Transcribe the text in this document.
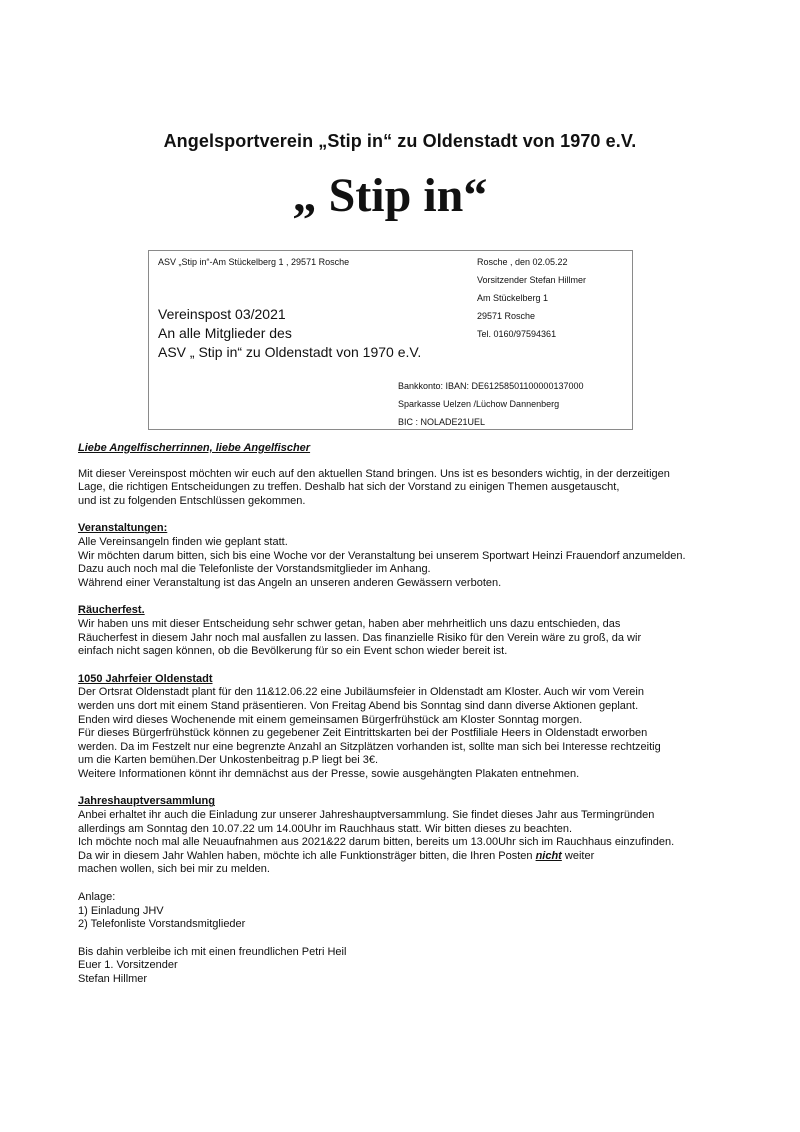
Angelsportverein „Stip in“ zu Oldenstadt von 1970 e.V.
„ Stip in“
ASV „Stip in“-Am Stückelberg 1 , 29571 Rosche
Vereinspost 03/2021
An alle Mitglieder des
ASV „ Stip in“ zu Oldenstadt von 1970 e.V.
Rosche , den 02.05.22
Vorsitzender Stefan Hillmer
Am Stückelberg 1
29571 Rosche
Tel. 0160/97594361
Bankkonto: IBAN: DE61258501100000137000
Sparkasse Uelzen /Lüchow Dannenberg
BIC : NOLADE21UEL

Liebe Angelfischerrinnen, liebe Angelfischer

Mit dieser Vereinspost möchten wir euch auf den aktuellen Stand bringen. Uns ist es besonders wichtig, in der derzeitigen
Lage, die richtigen Entscheidungen zu treffen. Deshalb hat sich der Vorstand zu einigen Themen ausgetauscht,
und ist zu folgenden Entschlüssen gekommen.

Veranstaltungen:

Alle Vereinsangeln finden wie geplant statt.
Wir möchten darum bitten, sich bis eine Woche vor der Veranstaltung bei unserem Sportwart Heinzi Frauendorf anzumelden.
Dazu auch noch mal die Telefonliste der Vorstandsmitglieder im Anhang.
Während einer Veranstaltung ist das Angeln an unseren anderen Gewässern verboten.

Räucherfest.

Wir haben uns mit dieser Entscheidung sehr schwer getan, haben aber mehrheitlich uns dazu entschieden, das
Räucherfest in diesem Jahr noch mal ausfallen zu lassen. Das finanzielle Risiko für den Verein wäre zu groß, da wir
einfach nicht sagen können, ob die Bevölkerung für so ein Event schon wieder bereit ist.

1050 Jahrfeier Oldenstadt

Der Ortsrat Oldenstadt plant für den 11&12.06.22 eine Jubiläumsfeier in Oldenstadt am Kloster. Auch wir vom Verein
werden uns dort mit einem Stand präsentieren. Von Freitag Abend bis Sonntag sind dann diverse Aktionen geplant.
Enden wird dieses Wochenende mit einem gemeinsamen Bürgerfrühstück am Kloster Sonntag morgen.
Für dieses Bürgerfrühstück können zu gegebener Zeit Eintrittskarten bei der Postfiliale Heers in Oldenstadt erworben
werden. Da im Festzelt nur eine begrenzte Anzahl an Sitzplätzen vorhanden ist, sollte man sich bei Interesse rechtzeitig
um die Karten bemühen.Der Unkostenbeitrag p.P liegt bei 3€.
Weitere Informationen könnt ihr demnächst aus der Presse, sowie ausgehängten Plakaten entnehmen.

Jahreshauptversammlung

Anbei erhaltet ihr auch die Einladung zur unserer Jahreshauptversammlung. Sie findet dieses Jahr aus Termingründen
allerdings am Sonntag den 10.07.22 um 14.00Uhr im Rauchhaus statt. Wir bitten dieses zu beachten.
Ich möchte noch mal alle Neuaufnahmen aus 2021&22 darum bitten, bereits um 13.00Uhr sich im Rauchhaus einzufinden.
Da wir in diesem Jahr Wahlen haben, möchte ich alle Funktionsträger bitten, die Ihren Posten nicht weiter
machen wollen, sich bei mir zu melden.

Anlage:

1) Einladung JHV

2) Telefonliste Vorstandsmitglieder

Bis dahin verbleibe ich mit einen freundlichen Petri Heil

Euer 1. Vorsitzender

Stefan Hillmer
